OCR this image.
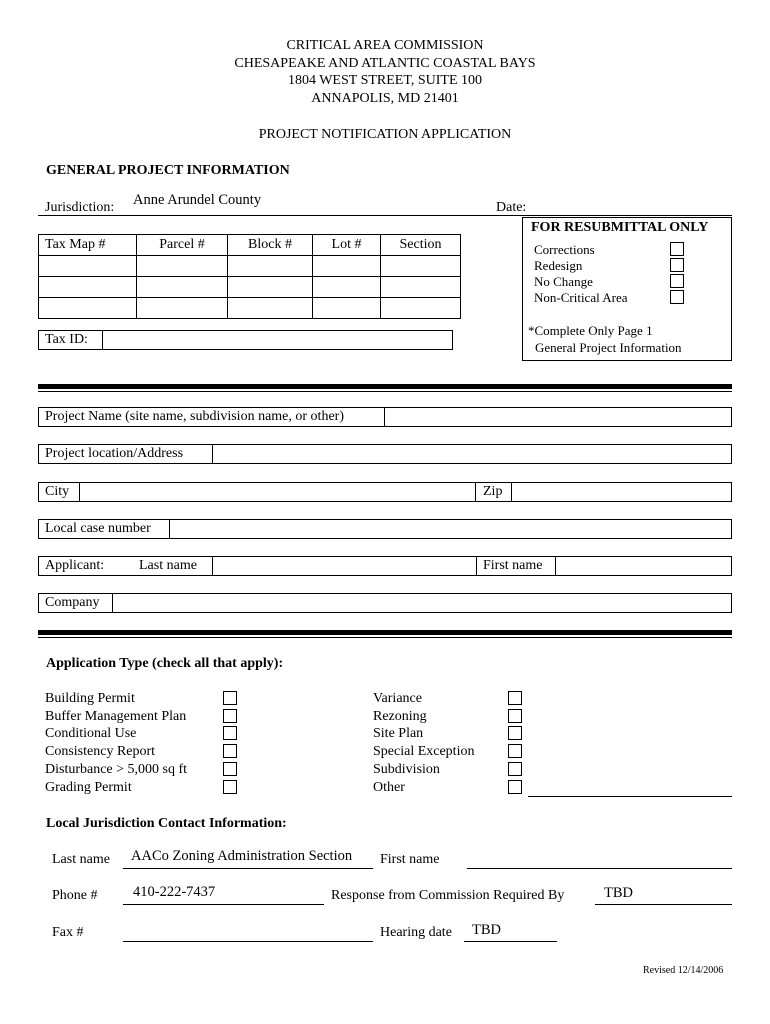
CRITICAL AREA COMMISSION
CHESAPEAKE AND ATLANTIC COASTAL BAYS
1804 WEST STREET, SUITE 100
ANNAPOLIS, MD 21401
PROJECT NOTIFICATION APPLICATION
GENERAL PROJECT INFORMATION
Jurisdiction: Anne Arundel County	Date:
Tax Map #	Parcel #	Block #	Lot #	Section

Tax ID:
FOR RESUBMITTAL ONLY
Corrections
Redesign
No Change
Non-Critical Area
*Complete Only Page 1
General Project Information
Project Name (site name, subdivision name, or other)
Project location/Address
City	Zip
Local case number
Applicant: Last name	First name
Company
Application Type (check all that apply):
Building Permit
Buffer Management Plan
Conditional Use
Consistency Report
Disturbance > 5,000 sq ft
Grading Permit
Variance
Rezoning
Site Plan
Special Exception
Subdivision
Other
Local Jurisdiction Contact Information:
Last name AACo Zoning Administration Section First name
Phone # 410-222-7437	Response from Commission Required By	TBD
Fax #	Hearing date TBD
Revised 12/14/2006
